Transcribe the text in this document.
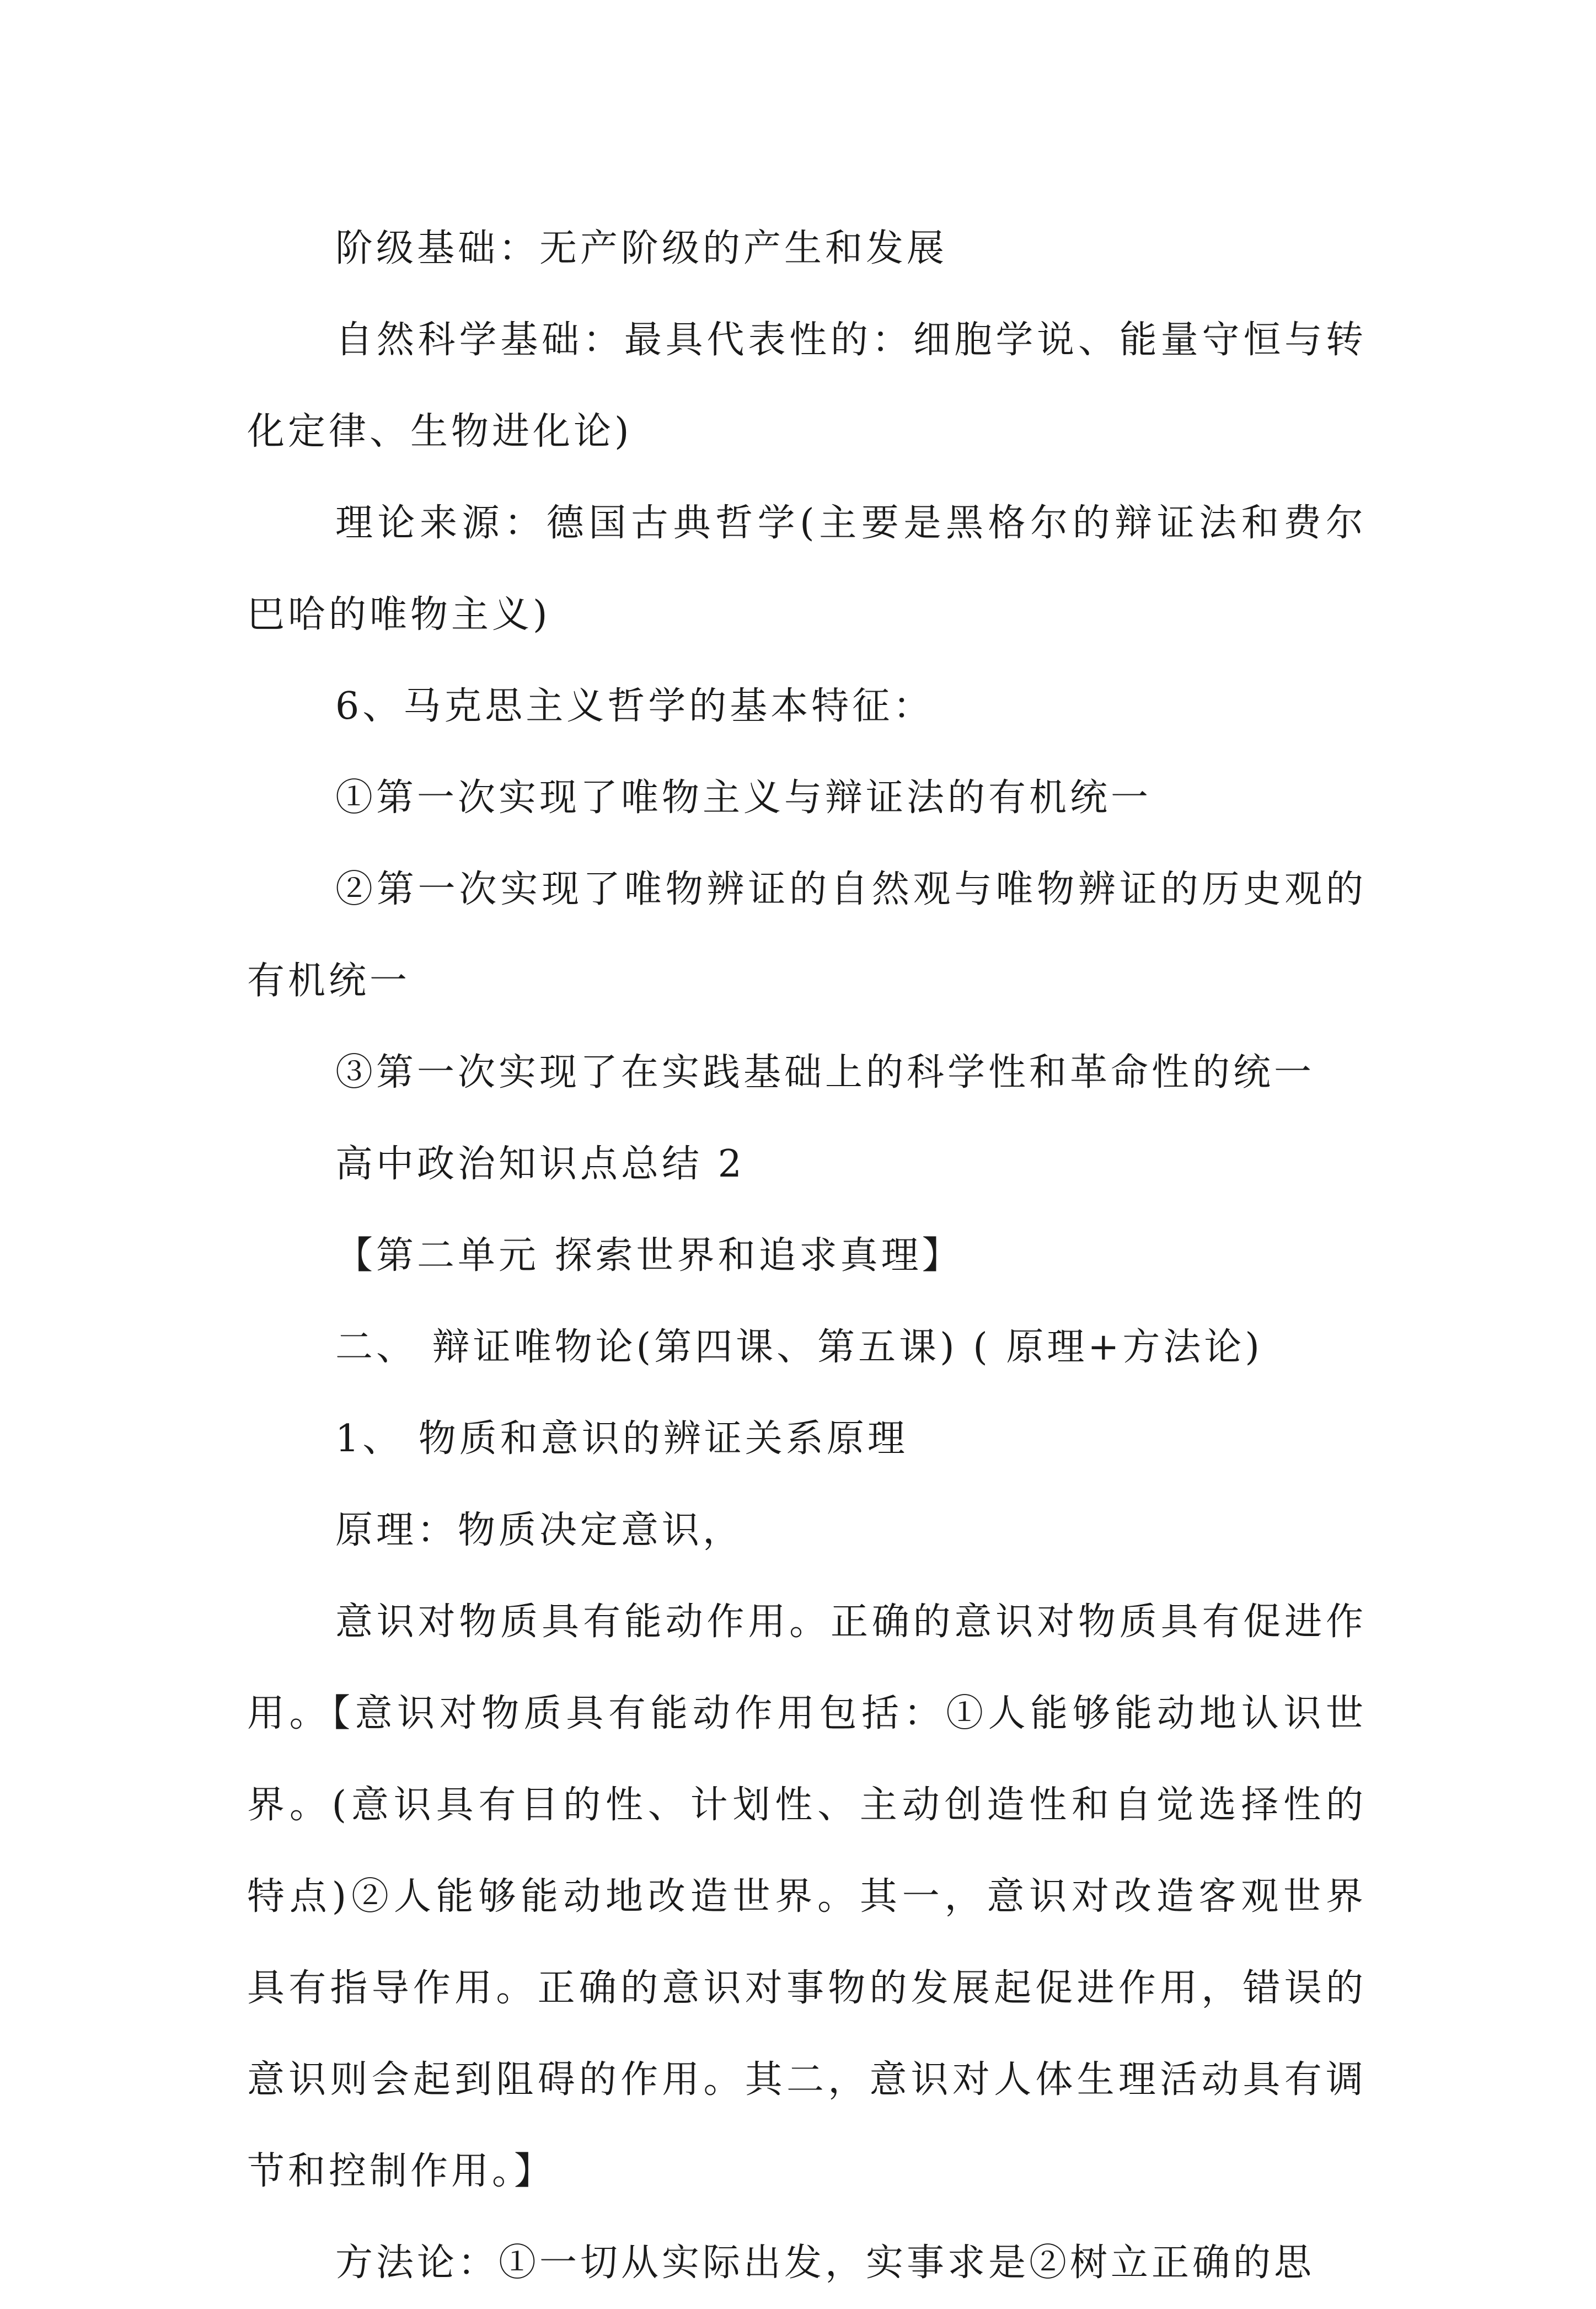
阶级基础：无产阶级的产生和发展

自然科学基础：最具代表性的：细胞学说、能量守恒与转化定律、生物进化论)

理论来源：德国古典哲学(主要是黑格尔的辩证法和费尔巴哈的唯物主义)

6、马克思主义哲学的基本特征：

①第一次实现了唯物主义与辩证法的有机统一

②第一次实现了唯物辨证的自然观与唯物辨证的历史观的有机统一

③第一次实现了在实践基础上的科学性和革命性的统一

高中政治知识点总结 2

【第二单元 探索世界和追求真理】

二、 辩证唯物论(第四课、第五课) ( 原理+方法论)

1、 物质和意识的辨证关系原理

原理：物质决定意识，

意识对物质具有能动作用。正确的意识对物质具有促进作用。【意识对物质具有能动作用包括：①人能够能动地认识世界。(意识具有目的性、计划性、主动创造性和自觉选择性的特点)②人能够能动地改造世界。其一，意识对改造客观世界具有指导作用。正确的意识对事物的发展起促进作用，错误的意识则会起到阻碍的作用。其二，意识对人体生理活动具有调节和控制作用。】

方法论：①一切从实际出发，实事求是②树立正确的思
